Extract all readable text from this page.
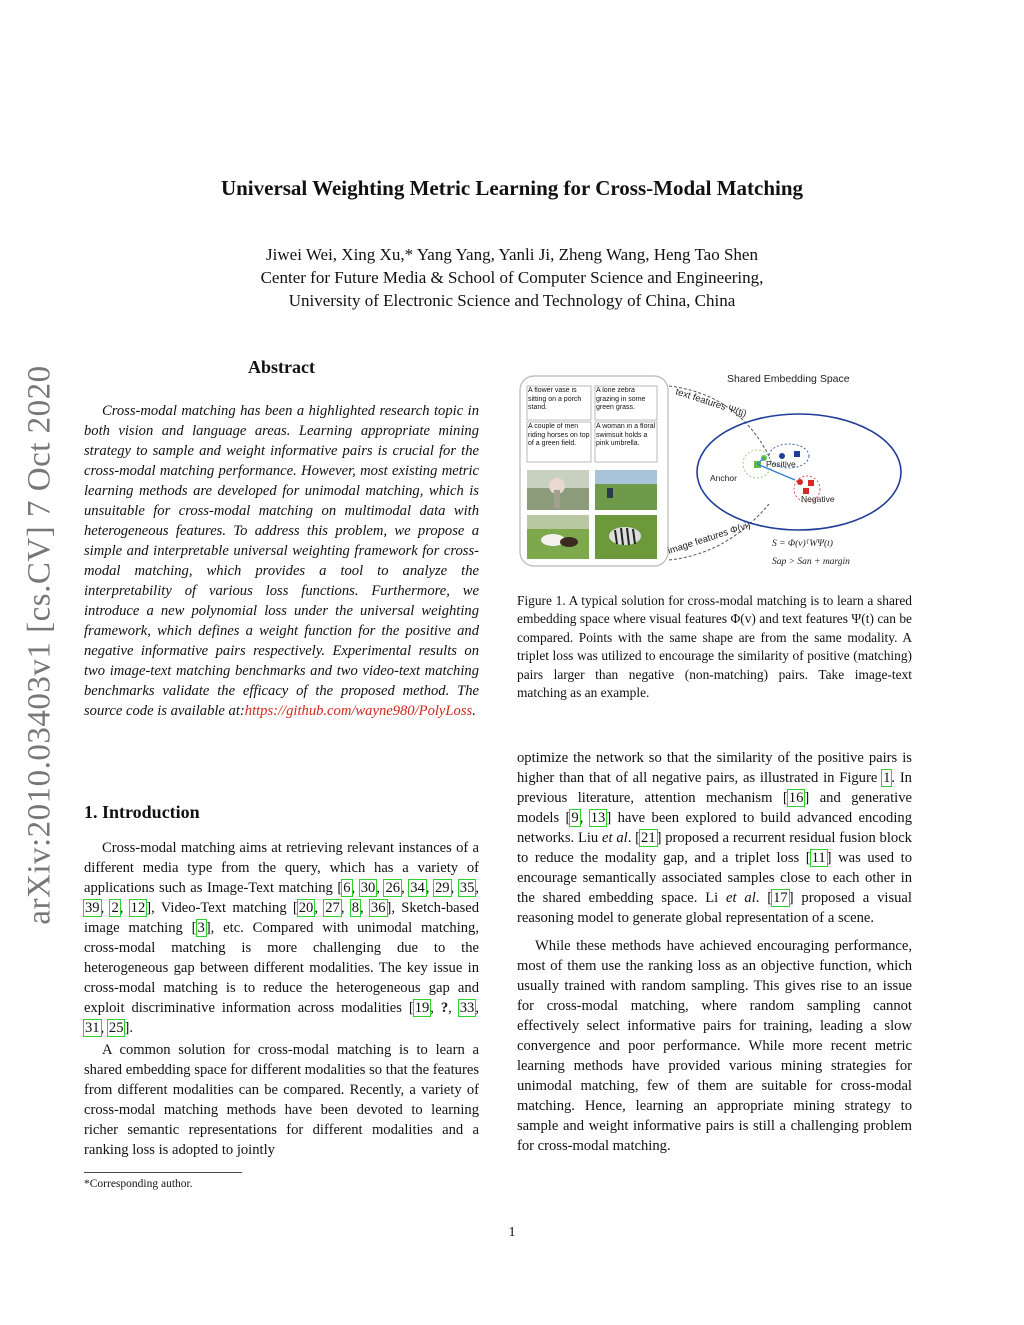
arXiv:2010.03403v1 [cs.CV] 7 Oct 2020
Universal Weighting Metric Learning for Cross-Modal Matching
Jiwei Wei, Xing Xu,* Yang Yang, Yanli Ji, Zheng Wang, Heng Tao Shen
Center for Future Media & School of Computer Science and Engineering,
University of Electronic Science and Technology of China, China
Abstract
Cross-modal matching has been a highlighted research topic in both vision and language areas. Learning appropriate mining strategy to sample and weight informative pairs is crucial for the cross-modal matching performance. However, most existing metric learning methods are developed for unimodal matching, which is unsuitable for cross-modal matching on multimodal data with heterogeneous features. To address this problem, we propose a simple and interpretable universal weighting framework for cross-modal matching, which provides a tool to analyze the interpretability of various loss functions. Furthermore, we introduce a new polynomial loss under the universal weighting framework, which defines a weight function for the positive and negative informative pairs respectively. Experimental results on two image-text matching benchmarks and two video-text matching benchmarks validate the efficacy of the proposed method. The source code is available at:https://github.com/wayne980/PolyLoss.
1. Introduction

Cross-modal matching aims at retrieving relevant instances of a different media type from the query, which has a variety of applications such as Image-Text matching [6, 30, 26, 34, 29, 35, 39, 2, 12], Video-Text matching [20, 27, 8, 36], Sketch-based image matching [3], etc. Compared with unimodal matching, cross-modal matching is more challenging due to the heterogeneous gap between different modalities. The key issue in cross-modal matching is to reduce the heterogeneous gap and exploit discriminative information across modalities [19, ?, 33, 31, 25].

A common solution for cross-modal matching is to learn a shared embedding space for different modalities so that the features from different modalities can be compared. Recently, a variety of cross-modal matching methods have been devoted to learning richer semantic representations for different modalities and a ranking loss is adopted to jointly

*Corresponding author.
A flower vase is sitting on a porch stand.
A lone zebra grazing in some green grass.
A couple of men riding horses on top of a green field.
A woman in a floral swimsuit holds a pink umbrella.
Shared Embedding Space
text features Ψ(tj)
image features Φ(vi)
Anchor
Positive
Negative
S = Φ(v)ᵀWΨ(t)
Sap > San + margin
Figure 1. A typical solution for cross-modal matching is to learn a shared embedding space where visual features Φ(v) and text features Ψ(t) can be compared. Points with the same shape are from the same modality. A triplet loss was utilized to encourage the similarity of positive (matching) pairs larger than negative (non-matching) pairs. Take image-text matching as an example.

optimize the network so that the similarity of the positive pairs is higher than that of all negative pairs, as illustrated in Figure 1. In previous literature, attention mechanism [16] and generative models [9, 13] have been explored to build advanced encoding networks. Liu et al. [21] proposed a recurrent residual fusion block to reduce the modality gap, and a triplet loss [11] was used to encourage semantically associated samples close to each other in the shared embedding space. Li et al. [17] proposed a visual reasoning model to generate global representation of a scene.

While these methods have achieved encouraging performance, most of them use the ranking loss as an objective function, which usually trained with random sampling. This gives rise to an issue for cross-modal matching, where random sampling cannot effectively select informative pairs for training, leading a slow convergence and poor performance. While more recent metric learning methods have provided various mining strategies for unimodal matching, few of them are suitable for cross-modal matching. Hence, learning an appropriate mining strategy to sample and weight informative pairs is still a challenging problem for cross-modal matching.

1
